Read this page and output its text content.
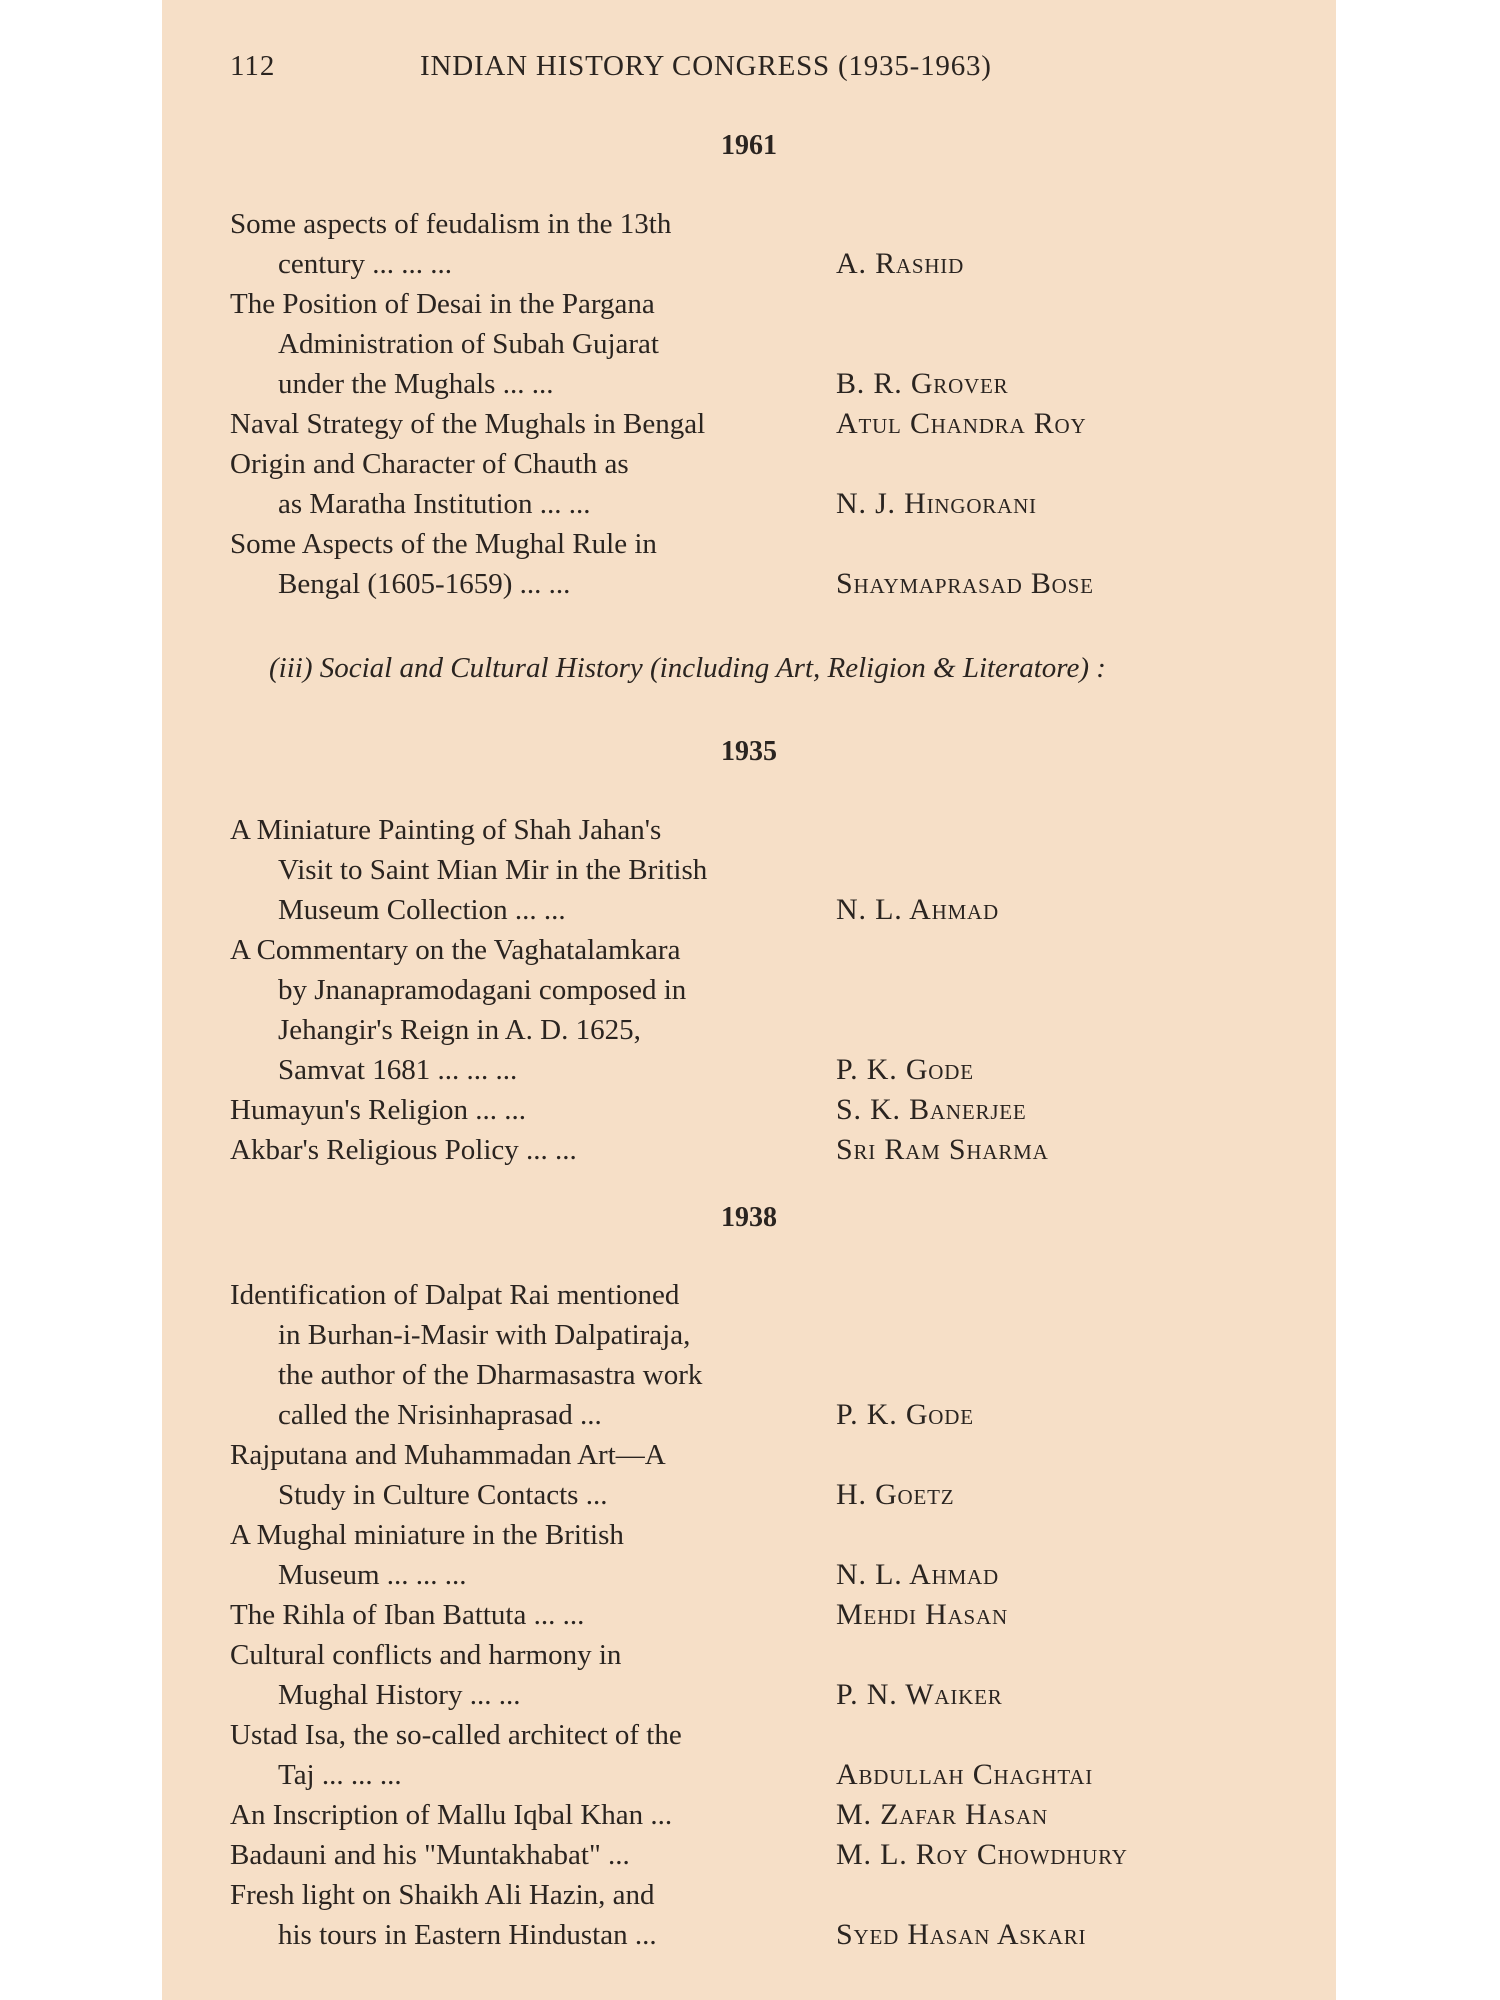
112	INDIAN HISTORY CONGRESS (1935-1963)
1961
Some aspects of feudalism in the 13th
century ... ... ...	A. Rashid
The Position of Desai in the Pargana
Administration of Subah Gujarat
under the Mughals ... ...	B. R. Grover
Naval Strategy of the Mughals in Bengal	Atul Chandra Roy
Origin and Character of Chauth as
as Maratha Institution ... ...	N. J. Hingorani
Some Aspects of the Mughal Rule in
Bengal (1605-1659) ... ...	Shaymaprasad Bose
(iii) Social and Cultural History (including Art, Religion & Literatore) :
1935
A Miniature Painting of Shah Jahan's
Visit to Saint Mian Mir in the British
Museum Collection ... ...	N. L. Ahmad
A Commentary on the Vaghatalamkara
by Jnanapramodagani composed in
Jehangir's Reign in A. D. 1625,
Samvat 1681 ... ... ...	P. K. Gode
Humayun's Religion ... ...	S. K. Banerjee
Akbar's Religious Policy ... ...	Sri Ram Sharma
1938
Identification of Dalpat Rai mentioned
in Burhan-i-Masir with Dalpatiraja,
the author of the Dharmasastra work
called the Nrisinhaprasad ...	P. K. Gode
Rajputana and Muhammadan Art—A
Study in Culture Contacts ...	H. Goetz
A Mughal miniature in the British
Museum ... ... ...	N. L. Ahmad
The Rihla of Iban Battuta ... ...	Mehdi Hasan
Cultural conflicts and harmony in
Mughal History ... ...	P. N. Waiker
Ustad Isa, the so-called architect of the
Taj ... ... ...	Abdullah Chaghtai
An Inscription of Mallu Iqbal Khan ...	M. Zafar Hasan
Badauni and his "Muntakhabat" ...	M. L. Roy Chowdhury
Fresh light on Shaikh Ali Hazin, and
his tours in Eastern Hindustan ...	Syed Hasan Askari
